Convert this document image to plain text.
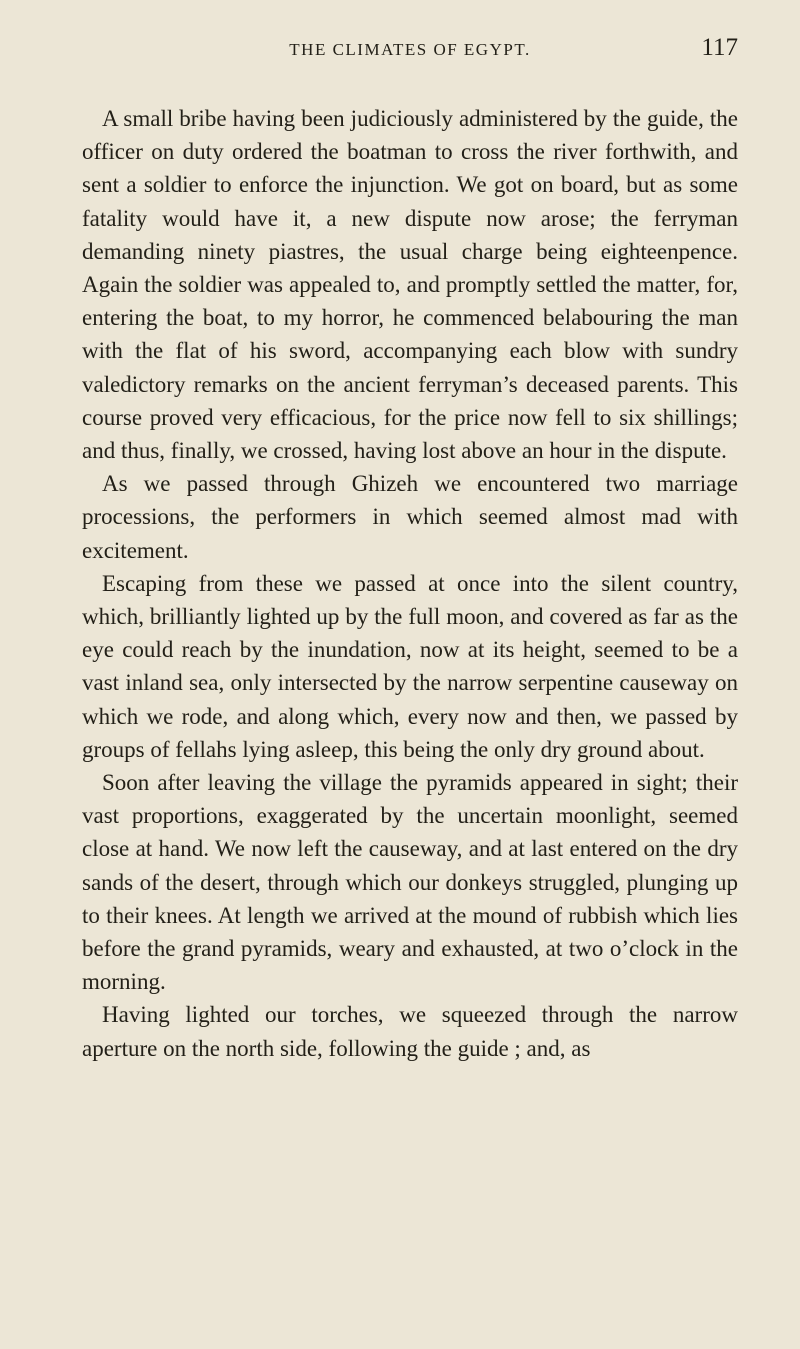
THE CLIMATES OF EGYPT.	117

A small bribe having been judiciously administered by the guide, the officer on duty ordered the boatman to cross the river forthwith, and sent a soldier to enforce the injunction. We got on board, but as some fatality would have it, a new dispute now arose; the ferryman demanding ninety piastres, the usual charge being eighteenpence. Again the soldier was appealed to, and promptly settled the matter, for, entering the boat, to my horror, he commenced belabouring the man with the flat of his sword, accompanying each blow with sundry valedictory remarks on the ancient ferryman’s deceased parents. This course proved very efficacious, for the price now fell to six shillings; and thus, finally, we crossed, having lost above an hour in the dispute.

As we passed through Ghizeh we encountered two marriage processions, the performers in which seemed almost mad with excitement.

Escaping from these we passed at once into the silent country, which, brilliantly lighted up by the full moon, and covered as far as the eye could reach by the inundation, now at its height, seemed to be a vast inland sea, only intersected by the narrow serpentine causeway on which we rode, and along which, every now and then, we passed by groups of fellahs lying asleep, this being the only dry ground about.

Soon after leaving the village the pyramids appeared in sight; their vast proportions, exaggerated by the uncertain moonlight, seemed close at hand. We now left the causeway, and at last entered on the dry sands of the desert, through which our donkeys struggled, plunging up to their knees. At length we arrived at the mound of rubbish which lies before the grand pyramids, weary and exhausted, at two o’clock in the morning.

Having lighted our torches, we squeezed through the narrow aperture on the north side, following the guide ; and, as
